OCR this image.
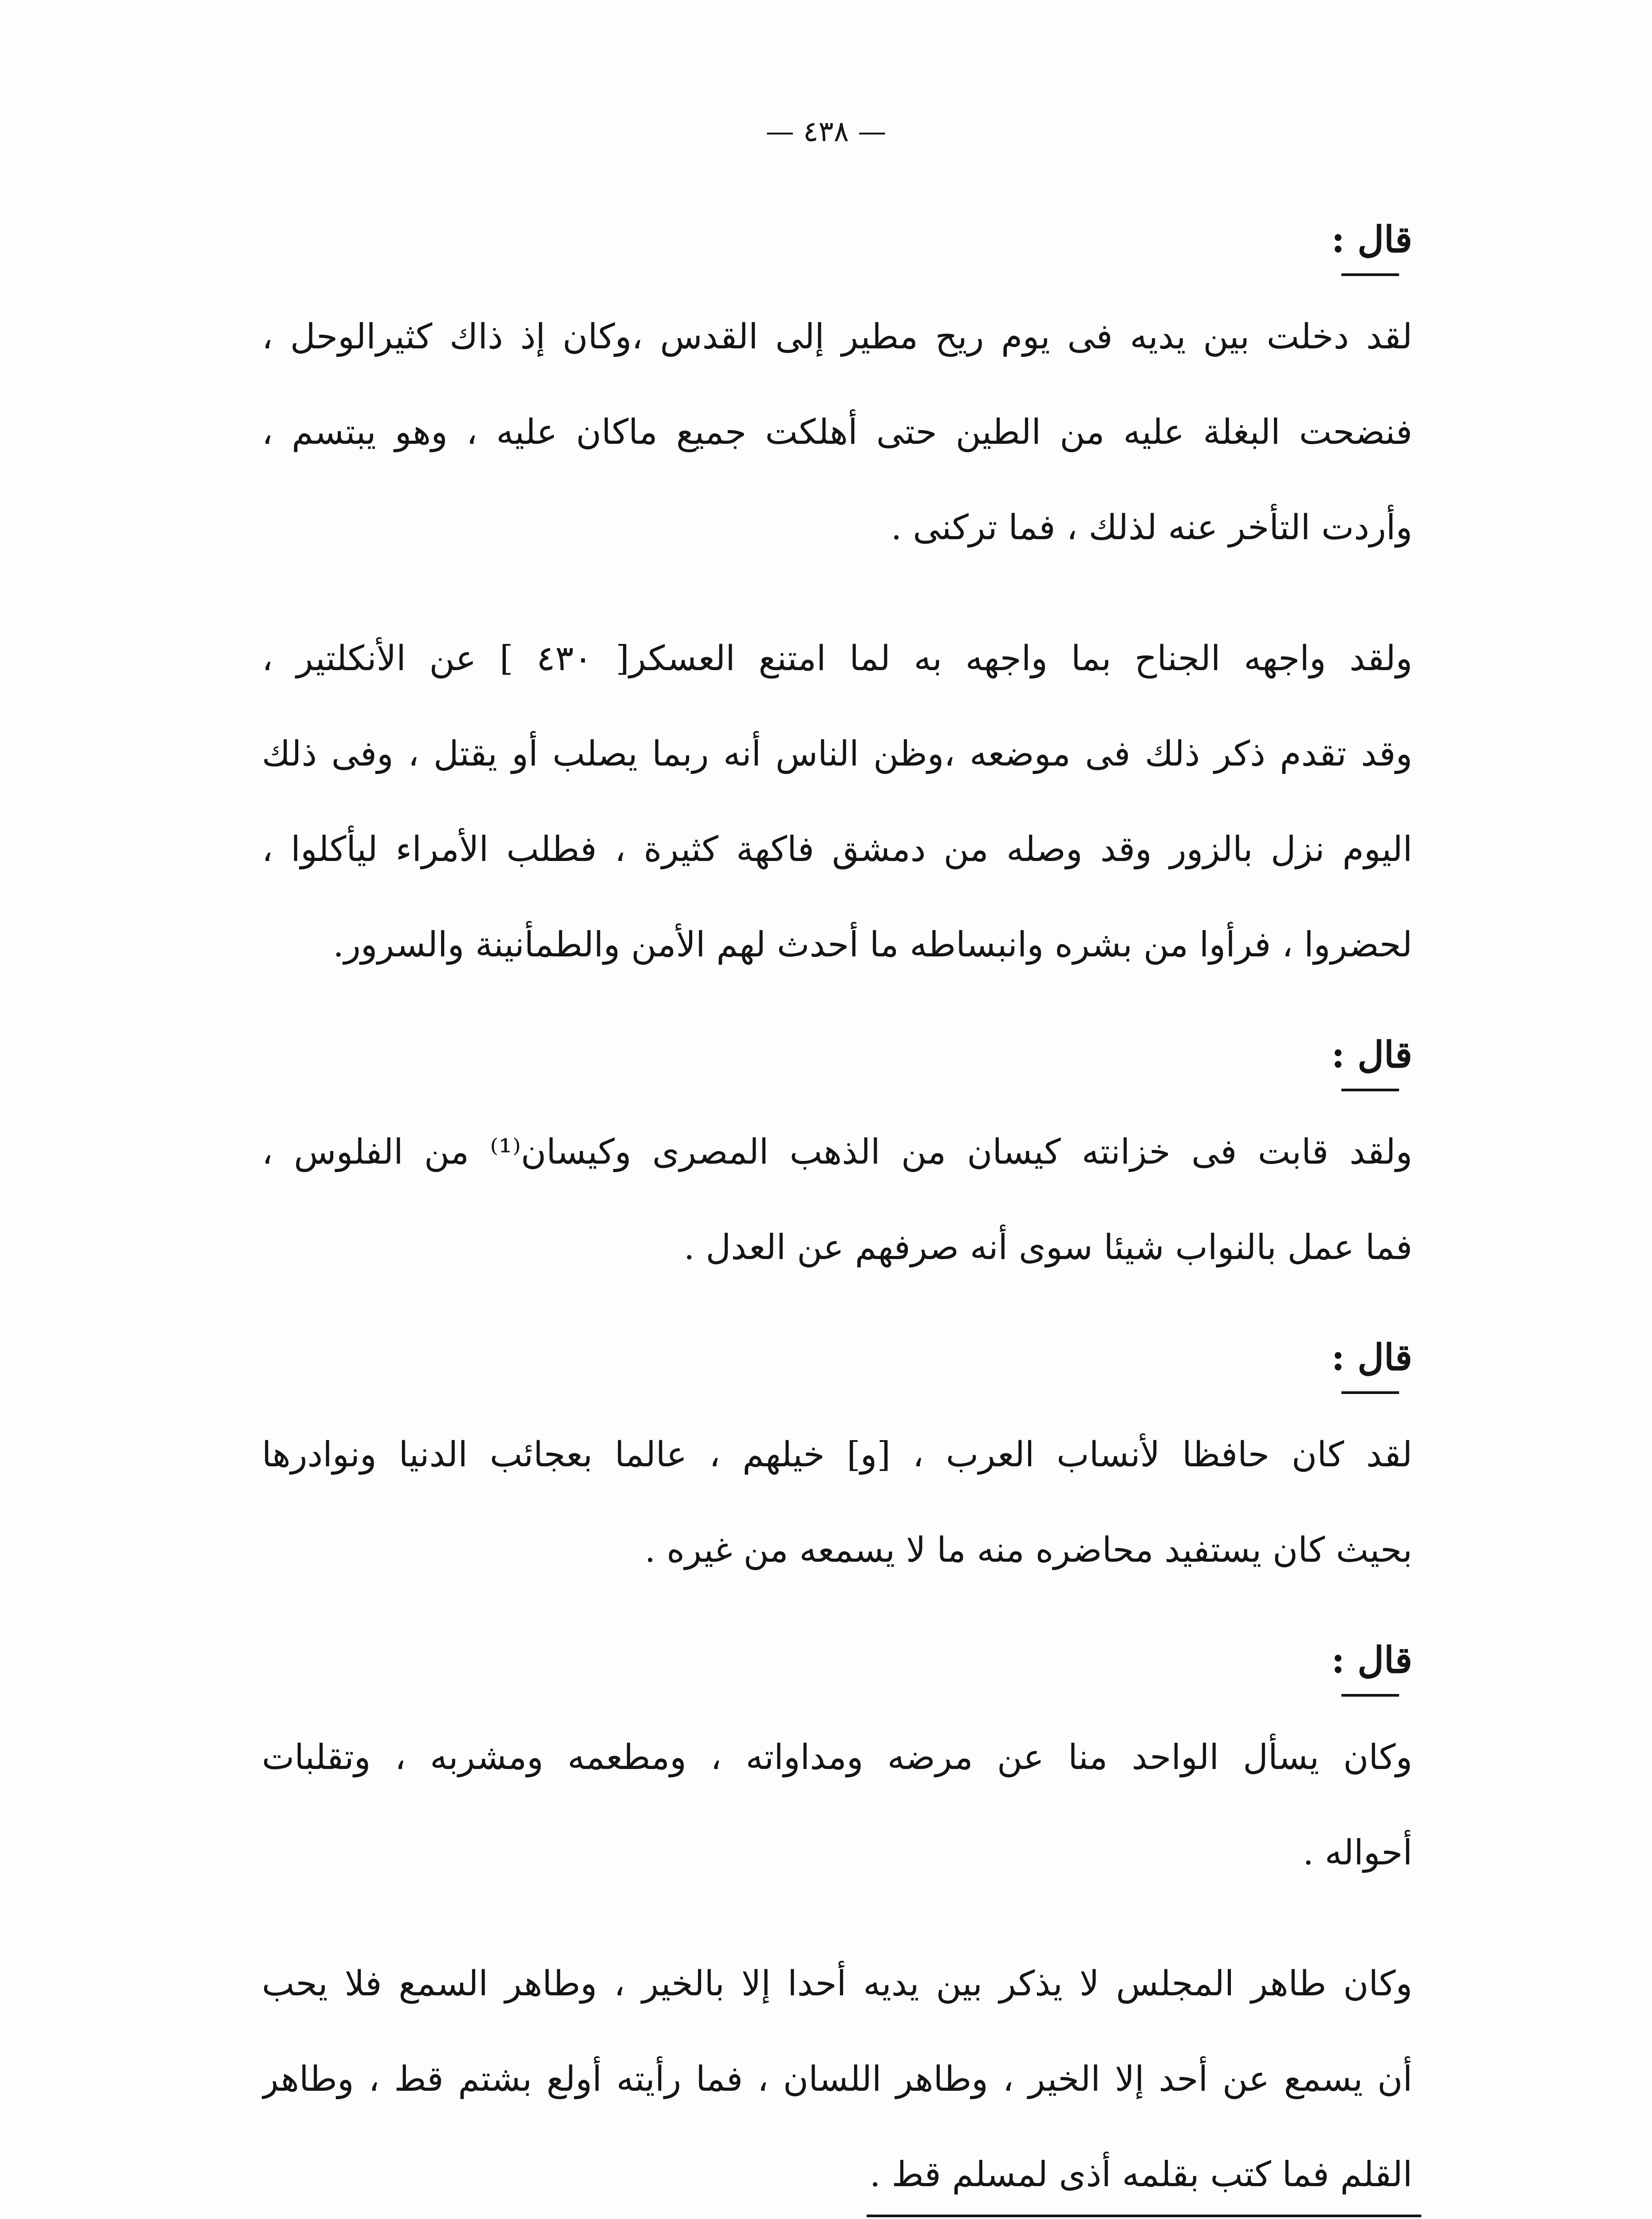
— ٤٣٨ —
قال :
لقد دخلت بين يديه فى يوم ريح مطير إلى القدس ،وكان إذ ذاك كثيرالوحل ،
فنضحت البغلة عليه من الطين حتى أهلكت جميع ماكان عليه ، وهو يبتسم ،
وأردت التأخر عنه لذلك ، فما تركنى .
ولقد واجهه الجناح بما واجهه به لما امتنع العسكر[ ٤٣٠ ] عن الأنكلتير ،
وقد تقدم ذكر ذلك فى موضعه ،وظن الناس أنه ربما يصلب أو يقتل ، وفى ذلك
اليوم نزل بالزور وقد وصله من دمشق فاكهة كثيرة ، فطلب الأمراء ليأكلوا ،
لحضروا ، فرأوا من بشره وانبساطه ما أحدث لهم الأمن والطمأنينة والسرور.
قال :
ولقد قابت فى خزانته كيسان من الذهب المصرى وكيسان⁽¹⁾ من الفلوس ،
فما عمل بالنواب شيئا سوى أنه صرفهم عن العدل .
قال :
لقد كان حافظا لأنساب العرب ، [و] خيلهم ، عالما بعجائب الدنيا ونوادرها
بحيث كان يستفيد محاضره منه ما لا يسمعه من غيره .
قال :
وكان يسأل الواحد منا عن مرضه ومداواته ، ومطعمه ومشربه ، وتقلبات
أحواله .
وكان طاهر المجلس لا يذكر بين يديه أحدا إلا بالخير ، وطاهر السمع فلا يحب
أن يسمع عن أحد إلا الخير ، وطاهر اللسان ، فما رأيته أولع بشتم قط ، وطاهر
القلم فما كتب بقلمه أذى لمسلم قط .
